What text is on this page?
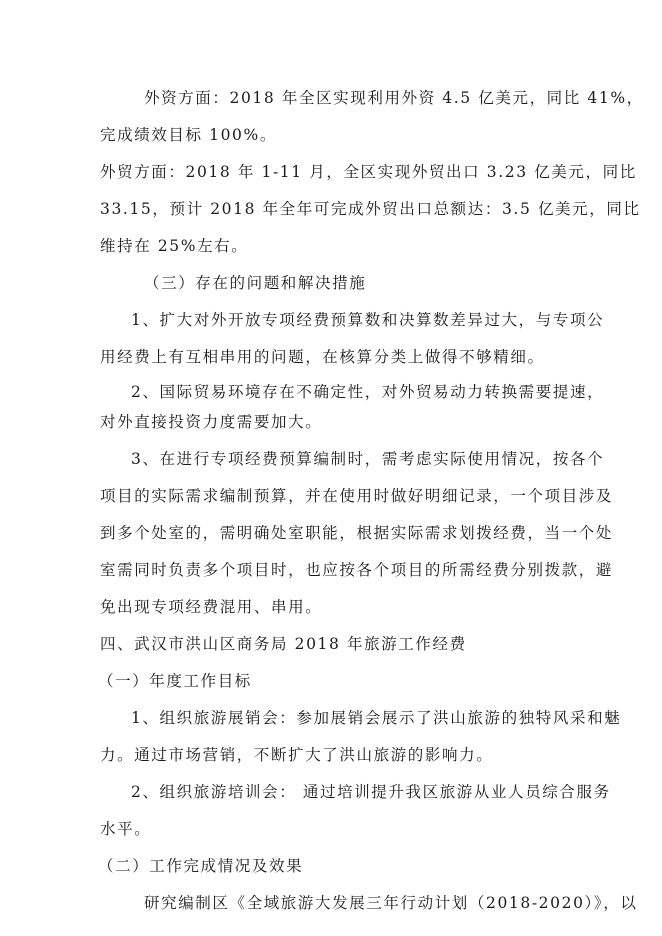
外资方面：2018 年全区实现利用外资 4.5 亿美元，同比 41%，
完成绩效目标 100%。
外贸方面：2018 年 1-11 月，全区实现外贸出口 3.23 亿美元，同比
33.15，预计 2018 年全年可完成外贸出口总额达：3.5 亿美元，同比
维持在 25%左右。
（三）存在的问题和解决措施
1、扩大对外开放专项经费预算数和决算数差异过大，与专项公
用经费上有互相串用的问题，在核算分类上做得不够精细。
2、国际贸易环境存在不确定性，对外贸易动力转换需要提速，
对外直接投资力度需要加大。
3、在进行专项经费预算编制时，需考虑实际使用情况，按各个
项目的实际需求编制预算，并在使用时做好明细记录，一个项目涉及
到多个处室的，需明确处室职能，根据实际需求划拨经费，当一个处
室需同时负责多个项目时，也应按各个项目的所需经费分别拨款，避
免出现专项经费混用、串用。
四、武汉市洪山区商务局 2018 年旅游工作经费
（一）年度工作目标
1、组织旅游展销会：参加展销会展示了洪山旅游的独特风采和魅
力。通过市场营销，不断扩大了洪山旅游的影响力。
2、组织旅游培训会： 通过培训提升我区旅游从业人员综合服务
水平。
（二）工作完成情况及效果
研究编制区《全域旅游大发展三年行动计划（2018-2020）》，以
